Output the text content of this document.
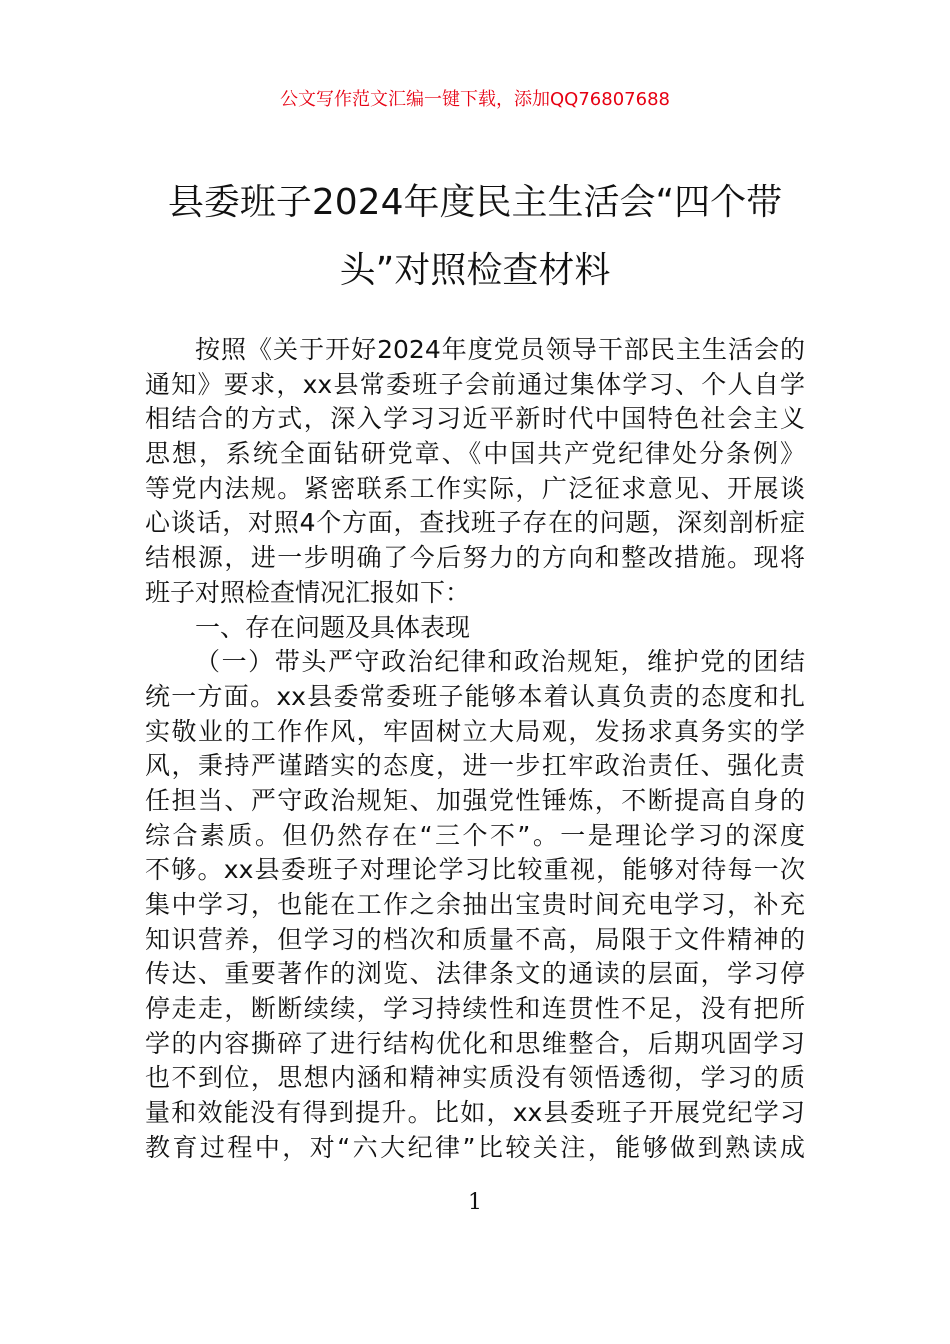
公文写作范文汇编一键下载，添加QQ76807688
县委班子2024年度民主生活会“四个带
头”对照检查材料
按照《关于开好2024年度党员领导干部民主生活会的
通知》要求，xx县常委班子会前通过集体学习、个人自学
相结合的方式，深入学习习近平新时代中国特色社会主义
思想，系统全面钻研党章、《中国共产党纪律处分条例》
等党内法规。紧密联系工作实际，广泛征求意见、开展谈
心谈话，对照4个方面，查找班子存在的问题，深刻剖析症
结根源，进一步明确了今后努力的方向和整改措施。现将
班子对照检查情况汇报如下：
一、存在问题及具体表现
（一）带头严守政治纪律和政治规矩，维护党的团结
统一方面。xx县委常委班子能够本着认真负责的态度和扎
实敬业的工作作风，牢固树立大局观，发扬求真务实的学
风，秉持严谨踏实的态度，进一步扛牢政治责任、强化责
任担当、严守政治规矩、加强党性锤炼，不断提高自身的
综合素质。但仍然存在“三个不”。一是理论学习的深度
不够。xx县委班子对理论学习比较重视，能够对待每一次
集中学习，也能在工作之余抽出宝贵时间充电学习，补充
知识营养，但学习的档次和质量不高，局限于文件精神的
传达、重要著作的浏览、法律条文的通读的层面，学习停
停走走，断断续续，学习持续性和连贯性不足，没有把所
学的内容撕碎了进行结构优化和思维整合，后期巩固学习
也不到位，思想内涵和精神实质没有领悟透彻，学习的质
量和效能没有得到提升。比如，xx县委班子开展党纪学习
教育过程中，对“六大纪律”比较关注，能够做到熟读成
1
